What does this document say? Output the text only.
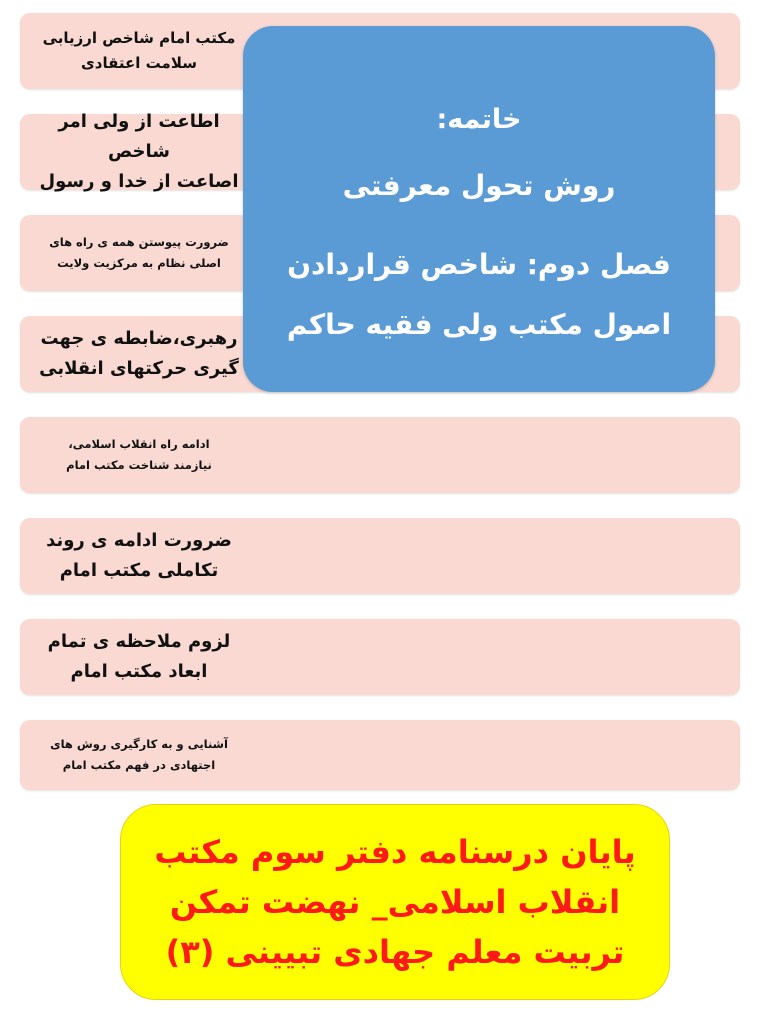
مکتب امام شاخص ارزیابی
سلامت اعتقادی
اطاعت از ولی امر شاخص
اصاعت از خدا و رسول
ضرورت پیوستن همه ی راه های
اصلی نظام به مرکزیت ولایت
رهبری،ضابطه ی جهت
گیری حرکتهای انقلابی
ادامه راه انقلاب اسلامی،
نیازمند شناخت مکتب امام
ضرورت ادامه ی روند
تکاملی مکتب امام
لزوم ملاحظه ی تمام
ابعاد مکتب امام
آشنایی و به کارگیری روش های
اجتهادی در فهم مکتب امام
خاتمه:
روش تحول معرفتی
فصل دوم: شاخص قراردادن
اصول مکتب ولی فقیه حاکم
پایان درسنامه دفتر سوم مکتب
انقلاب اسلامی_ نهضت تمکن
تربیت معلم جهادی تبیینی (۳)
